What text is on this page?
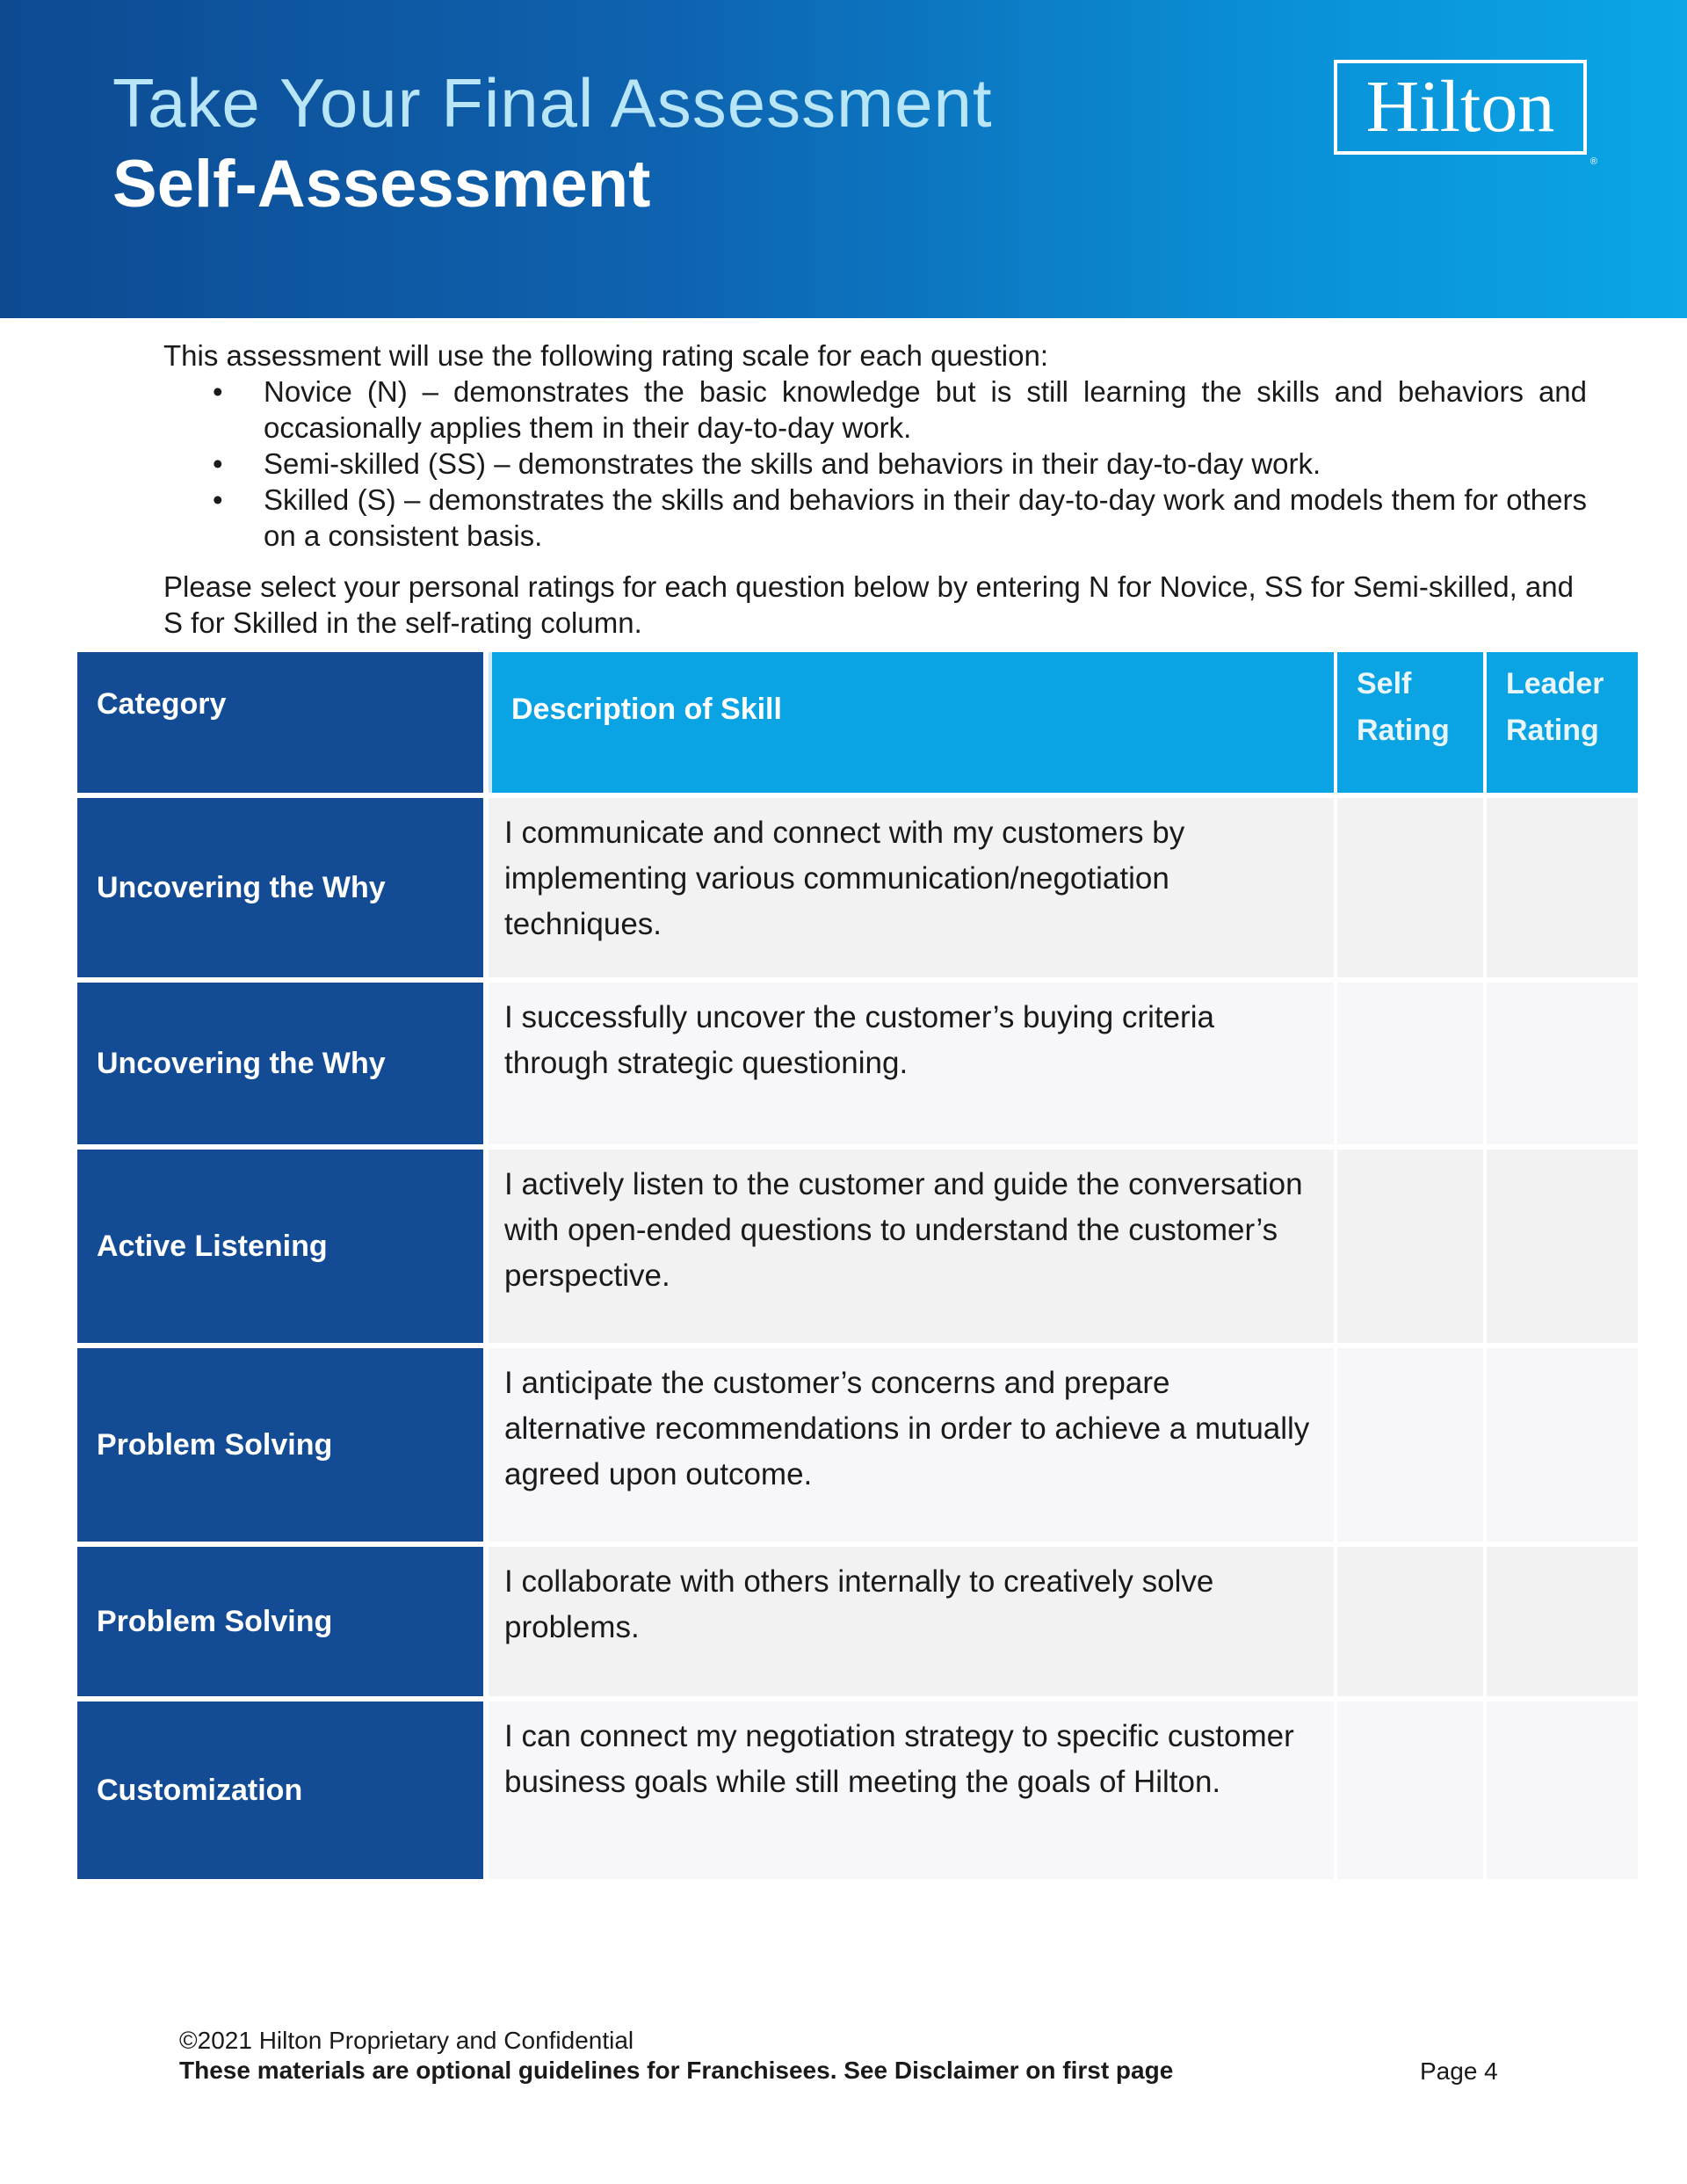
Take Your Final Assessment
Self-Assessment
Hilton
®

This assessment will use the following rating scale for each question:

• Novice (N) – demonstrates the basic knowledge but is still learning the skills and behaviors and occasionally applies them in their day-to-day work.
• Semi-skilled (SS) – demonstrates the skills and behaviors in their day-to-day work.
• Skilled (S) – demonstrates the skills and behaviors in their day-to-day work and models them for others on a consistent basis.

Please select your personal ratings for each question below by entering N for Novice, SS for Semi-skilled, and S for Skilled in the self-rating column.

Category	Description of Skill
Self
Rating
Leader
Rating
Uncovering the Why
I communicate and connect with my customers by implementing various communication/negotiation techniques.
Uncovering the Why
I successfully uncover the customer’s buying criteria through strategic questioning.
Active Listening
I actively listen to the customer and guide the conversation with open-ended questions to understand the customer’s perspective.
Problem Solving
I anticipate the customer’s concerns and prepare alternative recommendations in order to achieve a mutually agreed upon outcome.
Problem Solving
I collaborate with others internally to creatively solve problems.
Customization
I can connect my negotiation strategy to specific customer business goals while still meeting the goals of Hilton.
©2021 Hilton Proprietary and Confidential
These materials are optional guidelines for Franchisees. See Disclaimer on first page	Page 4
